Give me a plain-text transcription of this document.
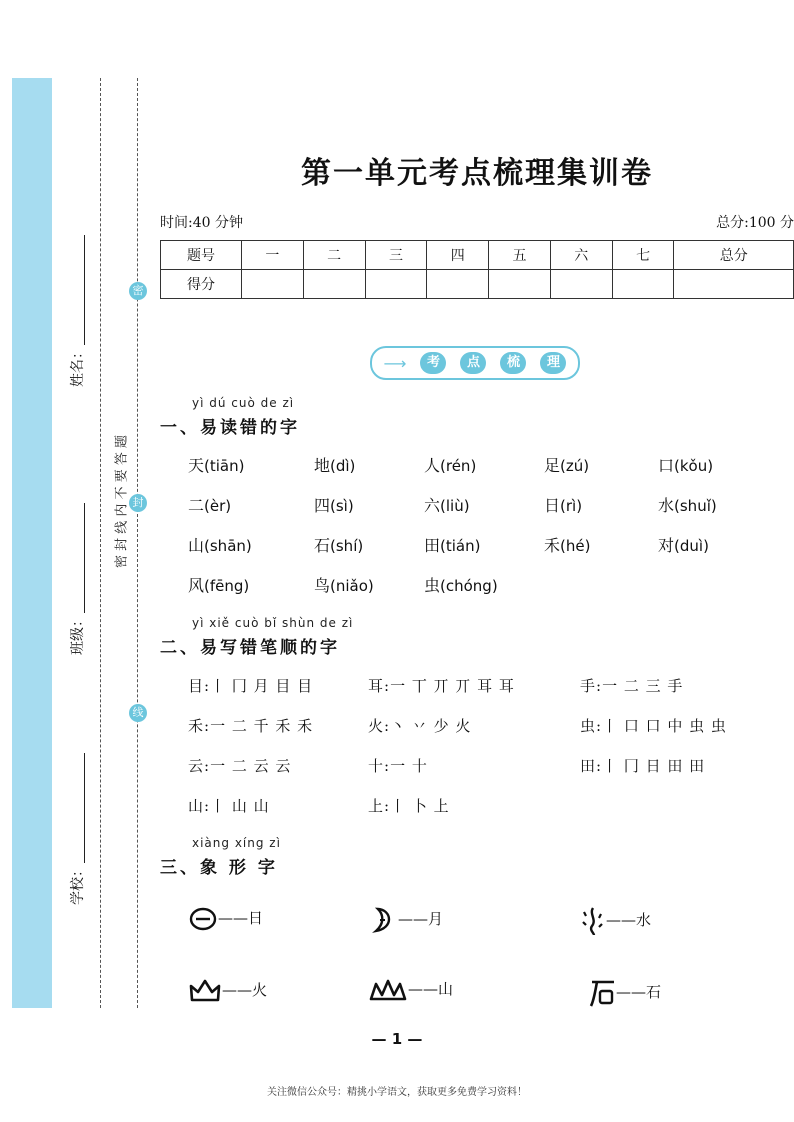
姓名：
班级：
学校：
密
封
线
密 封 线 内 不 要 答 题
第一单元考点梳理集训卷
时间:40 分钟	总分:100 分
题号	一	二	三	四	五	六	七	总分
得分								
⟶	考	点	梳	理
yì dú cuò de zì
一、易读错的字
天(tiān)	地(dì)	人(rén)	足(zú)	口(kǒu)
二(èr)	四(sì)	六(liù)	日(rì)	水(shuǐ)
山(shān)	石(shí)	田(tián)	禾(hé)	对(duì)
风(fēng)	鸟(niǎo)	虫(chóng)
yì xiě cuò bǐ shùn de zì
二、易写错笔顺的字
目:丨 冂 月 目 目	耳:一 丅 丌 丌 耳 耳	手:一 二 三 手
禾:一 二 千 禾 禾	火:丶 丷 少 火	虫:丨 口 口 中 虫 虫
云:一 二 云 云	十:一 十	田:丨 冂 日 田 田
山:丨 山 山	上:丨 卜 上
xiàng xíng zì
三、象 形 字
——日	——月	——水
——火	——山	——石
— 1 —
关注微信公众号：精挑小学语文，获取更多免费学习资料！
